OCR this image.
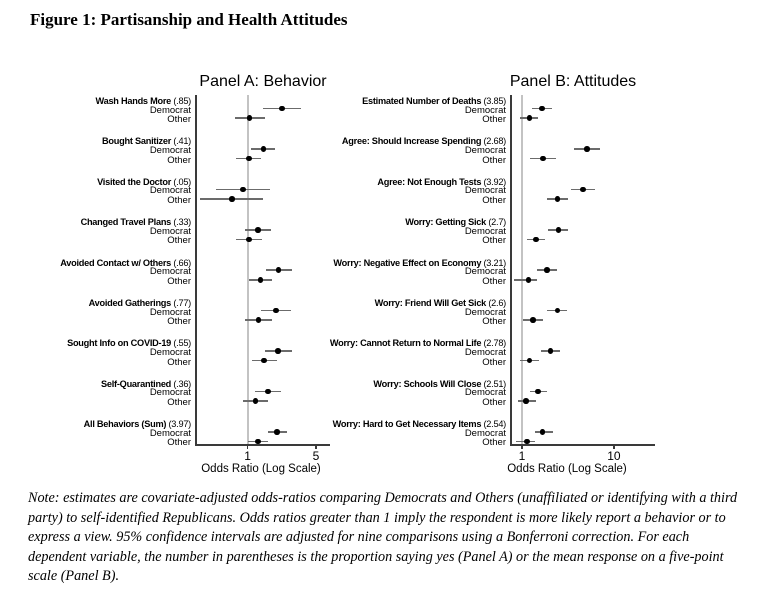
Figure 1: Partisanship and Health Attitudes
Panel A: Behavior
1	5
Odds Ratio (Log Scale)
Wash Hands More (.85)
Democrat
Other
Bought Sanitizer (.41)
Democrat
Other
Visited the Doctor (.05)
Democrat
Other
Changed Travel Plans (.33)
Democrat
Other
Avoided Contact w/ Others (.66)
Democrat
Other
Avoided Gatherings (.77)
Democrat
Other
Sought Info on COVID-19 (.55)
Democrat
Other
Self-Quarantined (.36)
Democrat
Other
All Behaviors (Sum) (3.97)
Democrat
Other
Panel B: Attitudes
1	10
Odds Ratio (Log Scale)
Estimated Number of Deaths (3.85)
Democrat
Other
Agree: Should Increase Spending (2.68)
Democrat
Other
Agree: Not Enough Tests (3.92)
Democrat
Other
Worry: Getting Sick (2.7)
Democrat
Other
Worry: Negative Effect on Economy (3.21)
Democrat
Other
Worry: Friend Will Get Sick (2.6)
Democrat
Other
Worry: Cannot Return to Normal Life (2.78)
Democrat
Other
Worry: Schools Will Close (2.51)
Democrat
Other
Worry: Hard to Get Necessary Items (2.54)
Democrat
Other

Note: estimates are covariate-adjusted odds-ratios comparing Democrats and Others (unaffiliated or identifying with a third party) to self-identified Republicans. Odds ratios greater than 1 imply the respondent is more likely report a behavior or to express a view. 95% confidence intervals are adjusted for nine comparisons using a Bonferroni correction. For each dependent variable, the number in parentheses is the proportion saying yes (Panel A) or the mean response on a five-point scale (Panel B).
